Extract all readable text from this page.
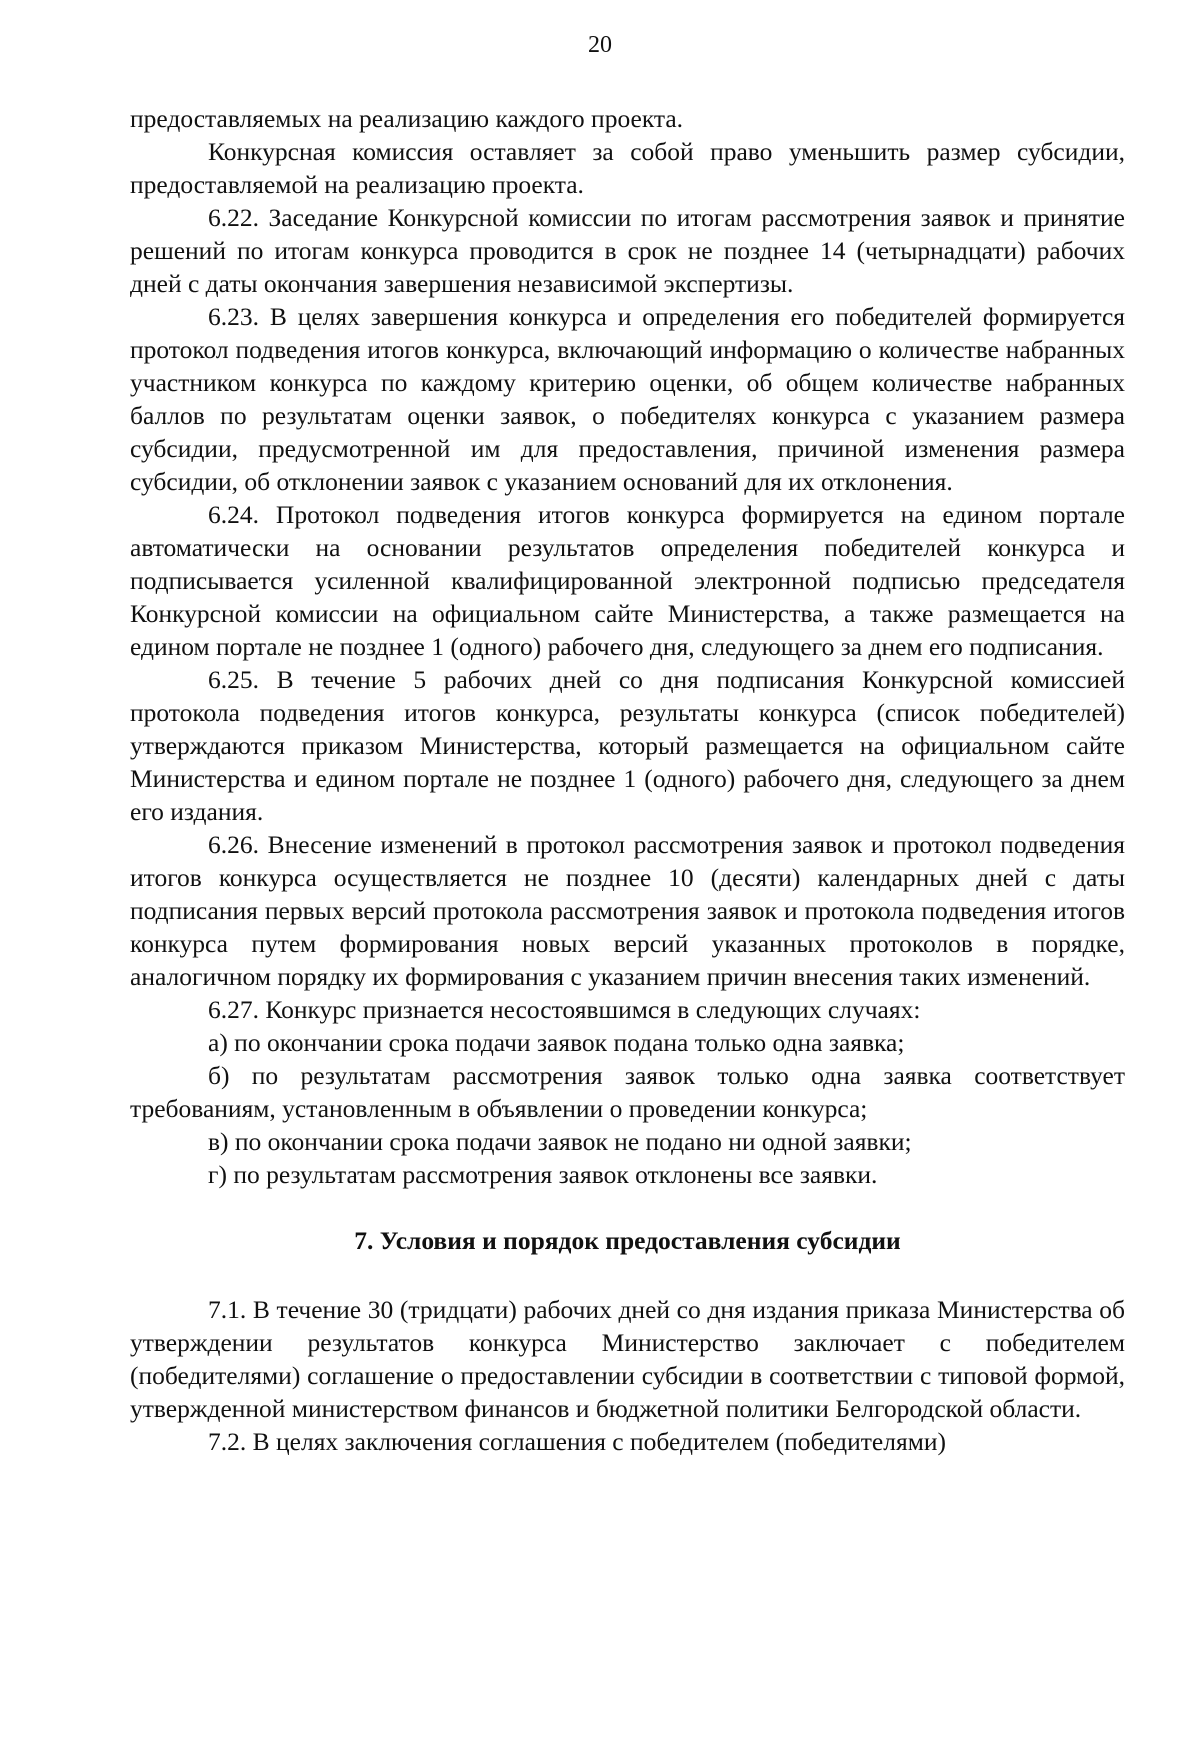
20

предоставляемых на реализацию каждого проекта.

Конкурсная комиссия оставляет за собой право уменьшить размер субсидии, предоставляемой на реализацию проекта.

6.22. Заседание Конкурсной комиссии по итогам рассмотрения заявок и принятие решений по итогам конкурса проводится в срок не позднее 14 (четырнадцати) рабочих дней с даты окончания завершения независимой экспертизы.

6.23. В целях завершения конкурса и определения его победителей формируется протокол подведения итогов конкурса, включающий информацию о количестве набранных участником конкурса по каждому критерию оценки, об общем количестве набранных баллов по результатам оценки заявок, о победителях конкурса с указанием размера субсидии, предусмотренной им для предоставления, причиной изменения размера субсидии, об отклонении заявок с указанием оснований для их отклонения.

6.24. Протокол подведения итогов конкурса формируется на едином портале автоматически на основании результатов определения победителей конкурса и подписывается усиленной квалифицированной электронной подписью председателя Конкурсной комиссии на официальном сайте Министерства, а также размещается на едином портале не позднее 1 (одного) рабочего дня, следующего за днем его подписания.

6.25. В течение 5 рабочих дней со дня подписания Конкурсной комиссией протокола подведения итогов конкурса, результаты конкурса (список победителей) утверждаются приказом Министерства, который размещается на официальном сайте Министерства и едином портале не позднее 1 (одного) рабочего дня, следующего за днем его издания.

6.26. Внесение изменений в протокол рассмотрения заявок и протокол подведения итогов конкурса осуществляется не позднее 10 (десяти) календарных дней с даты подписания первых версий протокола рассмотрения заявок и протокола подведения итогов конкурса путем формирования новых версий указанных протоколов в порядке, аналогичном порядку их формирования с указанием причин внесения таких изменений.

6.27. Конкурс признается несостоявшимся в следующих случаях:

а) по окончании срока подачи заявок подана только одна заявка;

б) по результатам рассмотрения заявок только одна заявка соответствует требованиям, установленным в объявлении о проведении конкурса;

в) по окончании срока подачи заявок не подано ни одной заявки;

г) по результатам рассмотрения заявок отклонены все заявки.

7. Условия и порядок предоставления субсидии

7.1. В течение 30 (тридцати) рабочих дней со дня издания приказа Министерства об утверждении результатов конкурса Министерство заключает с победителем (победителями) соглашение о предоставлении субсидии в соответствии с типовой формой, утвержденной министерством финансов и бюджетной политики Белгородской области.

7.2. В целях заключения соглашения с победителем (победителями)
